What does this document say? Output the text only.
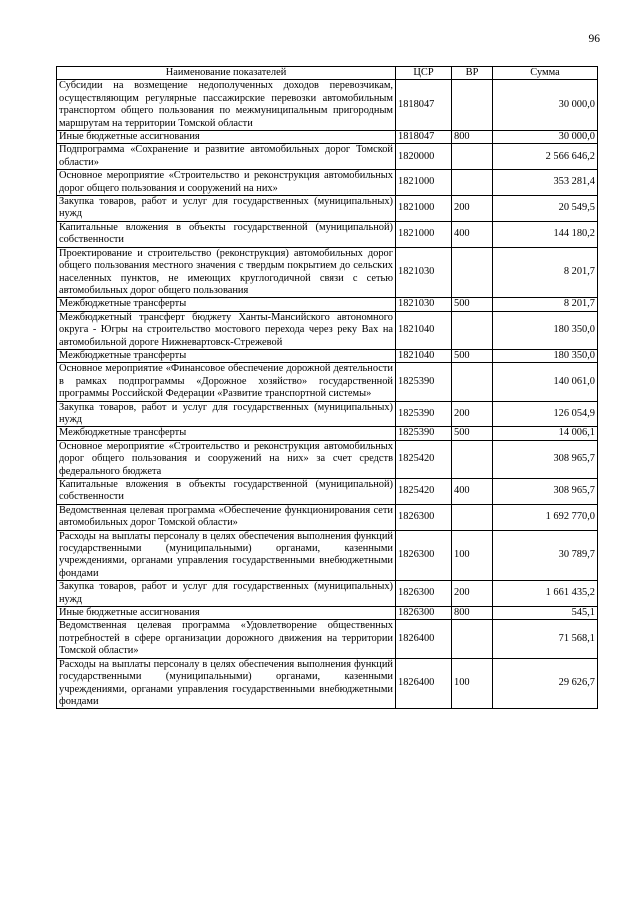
96
Наименование показателей	ЦСР	ВР	Сумма
Субсидии на возмещение недополученных доходов перевозчикам, осуществляющим регулярные пассажирские перевозки автомобильным транспортом общего пользования по межмуниципальным пригородным маршрутам на территории Томской области	1818047		30 000,0
Иные бюджетные ассигнования	1818047	800	30 000,0
Подпрограмма «Сохранение и развитие автомобильных дорог Томской области»	1820000		2 566 646,2
Основное мероприятие «Строительство и реконструкция автомобильных дорог общего пользования и сооружений на них»	1821000		353 281,4
Закупка товаров, работ и услуг для государственных (муниципальных) нужд	1821000	200	20 549,5
Капитальные вложения в объекты государственной (муниципальной) собственности	1821000	400	144 180,2
Проектирование и строительство (реконструкция) автомобильных дорог общего пользования местного значения с твердым покрытием до сельских населенных пунктов, не имеющих круглогодичной связи с сетью автомобильных дорог общего пользования	1821030		8 201,7
Межбюджетные трансферты	1821030	500	8 201,7
Межбюджетный трансферт бюджету Ханты-Мансийского автономного округа - Югры на строительство мостового перехода через реку Вах на автомобильной дороге Нижневартовск-Стрежевой	1821040		180 350,0
Межбюджетные трансферты	1821040	500	180 350,0
Основное мероприятие «Финансовое обеспечение дорожной деятельности в рамках подпрограммы «Дорожное хозяйство» государственной программы Российской Федерации «Развитие транспортной системы»	1825390		140 061,0
Закупка товаров, работ и услуг для государственных (муниципальных) нужд	1825390	200	126 054,9
Межбюджетные трансферты	1825390	500	14 006,1
Основное мероприятие «Строительство и реконструкция автомобильных дорог общего пользования и сооружений на них» за счет средств федерального бюджета	1825420		308 965,7
Капитальные вложения в объекты государственной (муниципальной) собственности	1825420	400	308 965,7
Ведомственная целевая программа «Обеспечение функционирования сети автомобильных дорог Томской области»	1826300		1 692 770,0
Расходы на выплаты персоналу в целях обеспечения выполнения функций государственными (муниципальными) органами, казенными учреждениями, органами управления государственными внебюджетными фондами	1826300	100	30 789,7
Закупка товаров, работ и услуг для государственных (муниципальных) нужд	1826300	200	1 661 435,2
Иные бюджетные ассигнования	1826300	800	545,1
Ведомственная целевая программа «Удовлетворение общественных потребностей в сфере организации дорожного движения на территории Томской области»	1826400		71 568,1
Расходы на выплаты персоналу в целях обеспечения выполнения функций государственными (муниципальными) органами, казенными учреждениями, органами управления государственными внебюджетными фондами	1826400	100	29 626,7
